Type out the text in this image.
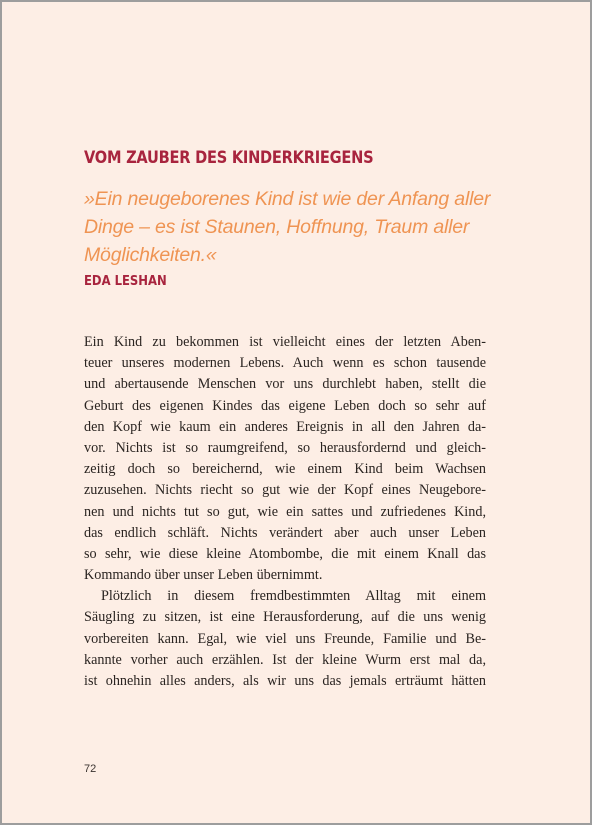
VOM ZAUBER DES KINDERKRIEGENS
»Ein neugeborenes Kind ist wie der Anfang aller
Dinge – es ist Staunen, Hoffnung, Traum aller
Möglichkeiten.«
EDA LESHAN
Ein Kind zu bekommen ist vielleicht eines der letzten Aben-
teuer unseres modernen Lebens. Auch wenn es schon tausende
und abertausende Menschen vor uns durchlebt haben, stellt die
Geburt des eigenen Kindes das eigene Leben doch so sehr auf
den Kopf wie kaum ein anderes Ereignis in all den Jahren da-
vor. Nichts ist so raumgreifend, so herausfordernd und gleich-
zeitig doch so bereichernd, wie einem Kind beim Wachsen
zuzusehen. Nichts riecht so gut wie der Kopf eines Neugebore-
nen und nichts tut so gut, wie ein sattes und zufriedenes Kind,
das endlich schläft. Nichts verändert aber auch unser Leben
so sehr, wie diese kleine Atombombe, die mit einem Knall das
Kommando über unser Leben übernimmt.
Plötzlich in diesem fremdbestimmten Alltag mit einem
Säugling zu sitzen, ist eine Herausforderung, auf die uns wenig
vorbereiten kann. Egal, wie viel uns Freunde, Familie und Be-
kannte vorher auch erzählen. Ist der kleine Wurm erst mal da,
ist ohnehin alles anders, als wir uns das jemals erträumt hätten
72
